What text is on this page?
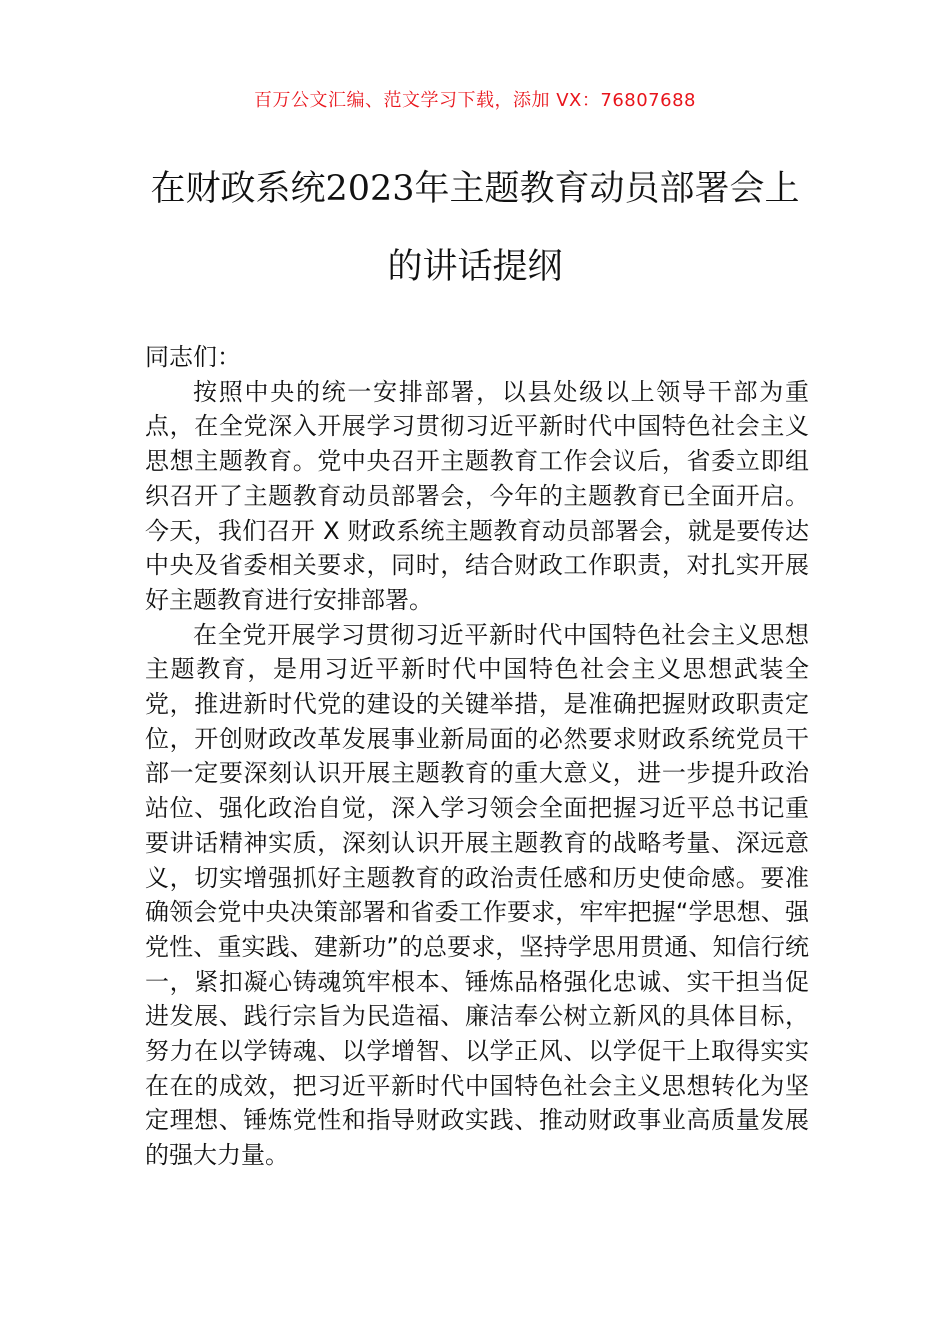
百万公文汇编、范文学习下载，添加 VX：76807688
在财政系统2023年主题教育动员部署会上的讲话提纲

同志们：

按照中央的统一安排部署，以县处级以上领导干部为重点，在全党深入开展学习贯彻习近平新时代中国特色社会主义思想主题教育。党中央召开主题教育工作会议后，省委立即组织召开了主题教育动员部署会，今年的主题教育已全面开启。今天，我们召开 X 财政系统主题教育动员部署会，就是要传达中央及省委相关要求，同时，结合财政工作职责，对扎实开展好主题教育进行安排部署。

在全党开展学习贯彻习近平新时代中国特色社会主义思想主题教育，是用习近平新时代中国特色社会主义思想武装全党，推进新时代党的建设的关键举措，是准确把握财政职责定位，开创财政改革发展事业新局面的必然要求财政系统党员干部一定要深刻认识开展主题教育的重大意义，进一步提升政治站位、强化政治自觉，深入学习领会全面把握习近平总书记重要讲话精神实质，深刻认识开展主题教育的战略考量、深远意义，切实增强抓好主题教育的政治责任感和历史使命感。要准确领会党中央决策部署和省委工作要求，牢牢把握“学思想、强党性、重实践、建新功”的总要求，坚持学思用贯通、知信行统一，紧扣凝心铸魂筑牢根本、锤炼品格强化忠诚、实干担当促进发展、践行宗旨为民造福、廉洁奉公树立新风的具体目标，努力在以学铸魂、以学增智、以学正风、以学促干上取得实实在在的成效，把习近平新时代中国特色社会主义思想转化为坚定理想、锤炼党性和指导财政实践、推动财政事业高质量发展的强大力量。
